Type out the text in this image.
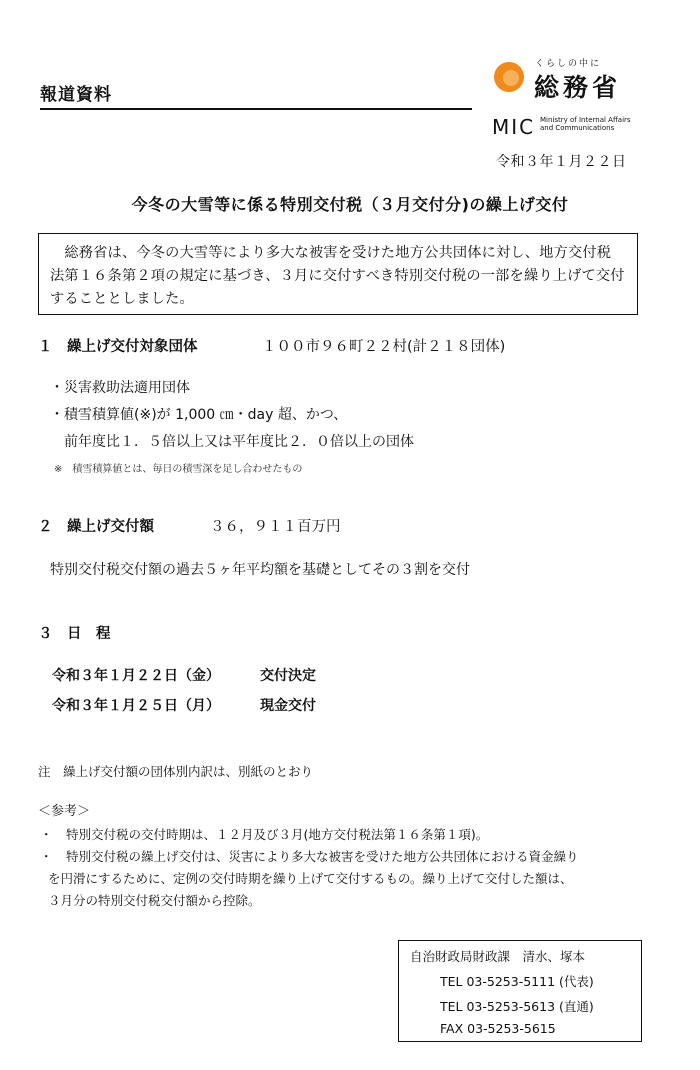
報道資料
くらしの中に
総務省
MIC Ministry of Internal Affairs
and Communications
令和３年１月２２日
今冬の大雪等に係る特別交付税（３月交付分)の繰上げ交付
　総務省は、今冬の大雪等により多大な被害を受けた地方公共団体に対し、地方交付税法第１６条第２項の規定に基づき、３月に交付すべき特別交付税の一部を繰り上げて交付することとしました。
１　繰上げ交付対象団体	１００市９６町２２村(計２１８団体)
・災害救助法適用団体
・積雪積算値(※)が 1,000 ㎝・day 超、かつ、
前年度比１．５倍以上又は平年度比２．０倍以上の団体
※　積雪積算値とは、毎日の積雪深を足し合わせたもの
２　繰上げ交付額	３６，９１１百万円
特別交付税交付額の過去５ヶ年平均額を基礎としてその３割を交付
３　日　程
令和３年１月２２日（金）	交付決定
令和３年１月２５日（月）	現金交付
注　繰上げ交付額の団体別内訳は、別紙のとおり
＜参考＞
・ 特別交付税の交付時期は、１２月及び３月(地方交付税法第１６条第１項)。
・ 特別交付税の繰上げ交付は、災害により多大な被害を受けた地方公共団体における資金繰り
を円滑にするために、定例の交付時期を繰り上げて交付するもの。繰り上げて交付した額は、
３月分の特別交付税交付額から控除。
自治財政局財政課　清水、塚本
TEL 03-5253-5111 (代表)
TEL 03-5253-5613 (直通)
FAX 03-5253-5615
